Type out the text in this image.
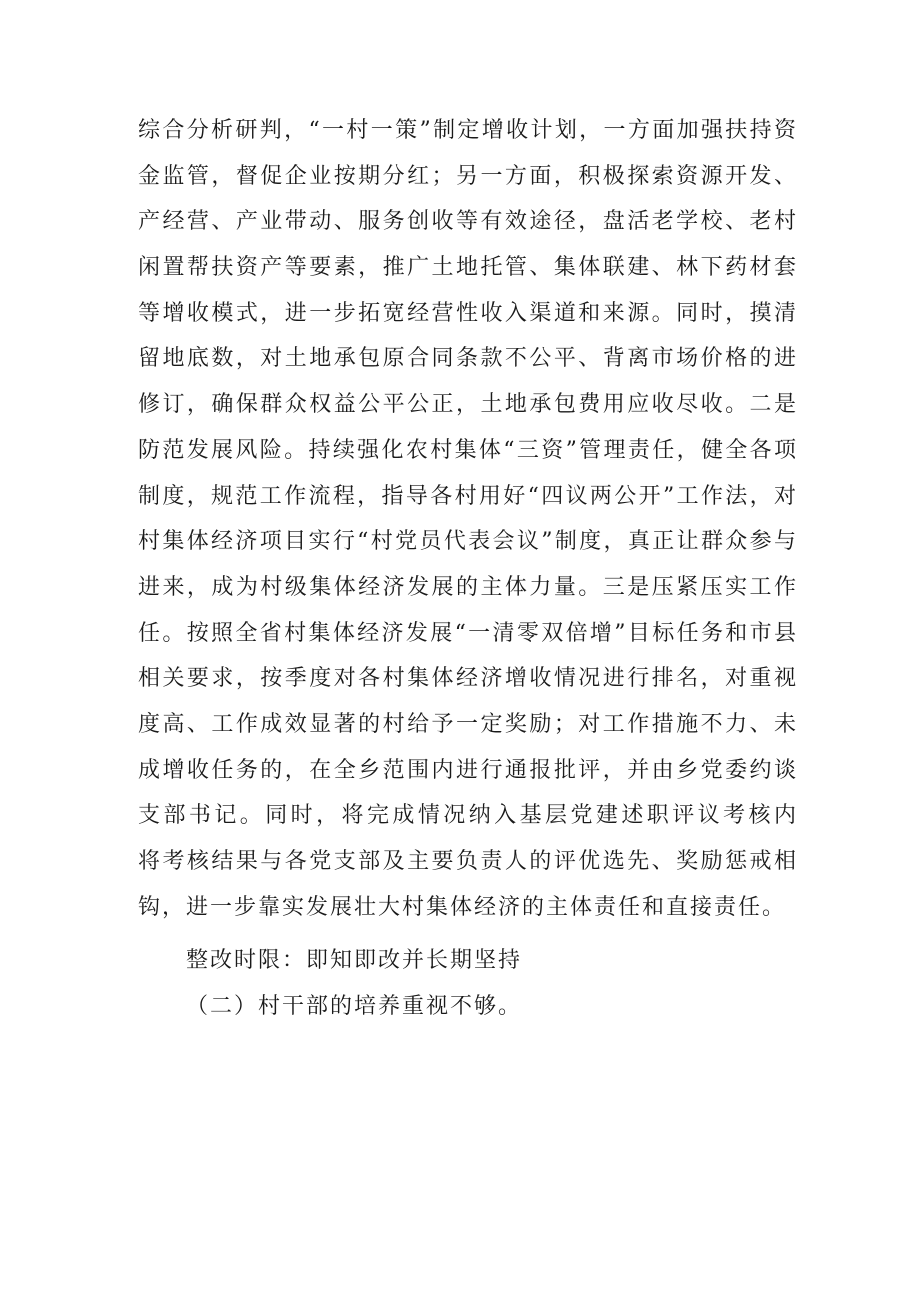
综合分析研判，“一村一策”制定增收计划，一方面加强扶持资
金监管，督促企业按期分红；另一方面，积极探索资源开发、
产经营、产业带动、服务创收等有效途径，盘活老学校、老村
闲置帮扶资产等要素，推广土地托管、集体联建、林下药材套
等增收模式，进一步拓宽经营性收入渠道和来源。同时，摸清
留地底数，对土地承包原合同条款不公平、背离市场价格的进
修订，确保群众权益公平公正，土地承包费用应收尽收。二是
防范发展风险。持续强化农村集体“三资”管理责任，健全各项
制度，规范工作流程，指导各村用好“四议两公开”工作法，对
村集体经济项目实行“村党员代表会议”制度，真正让群众参与
进来，成为村级集体经济发展的主体力量。三是压紧压实工作
任。按照全省村集体经济发展“一清零双倍增”目标任务和市县
相关要求，按季度对各村集体经济增收情况进行排名，对重视
度高、工作成效显著的村给予一定奖励；对工作措施不力、未
成增收任务的，在全乡范围内进行通报批评，并由乡党委约谈
支部书记。同时，将完成情况纳入基层党建述职评议考核内
将考核结果与各党支部及主要负责人的评优选先、奖励惩戒相
钩，进一步靠实发展壮大村集体经济的主体责任和直接责任。
整改时限：即知即改并长期坚持
（二）村干部的培养重视不够。
